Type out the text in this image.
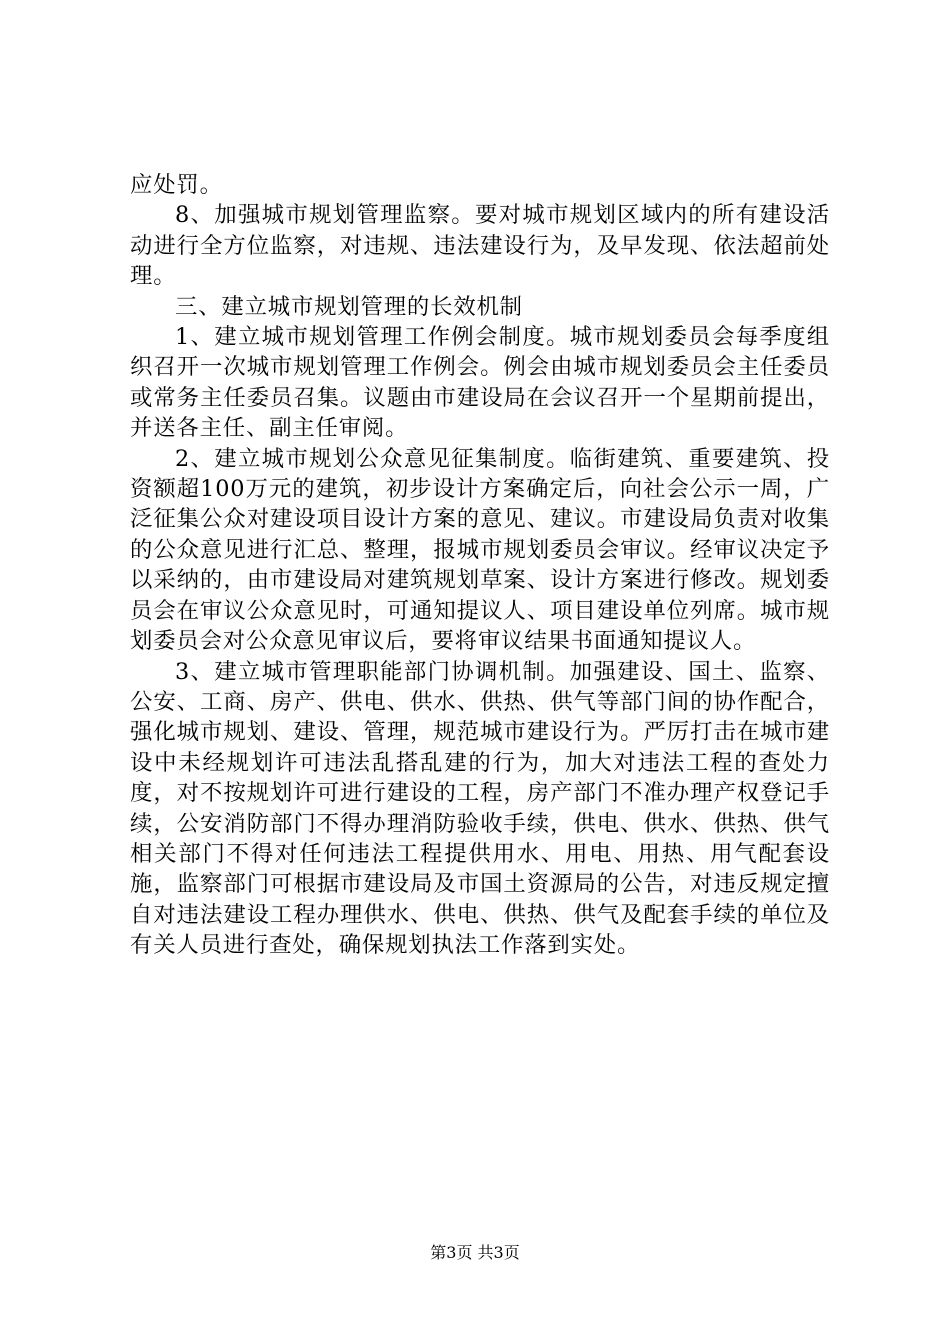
应处罚。

8、加强城市规划管理监察。要对城市规划区域内的所有建设活动进行全方位监察，对违规、违法建设行为，及早发现、依法超前处理。

三、建立城市规划管理的长效机制

1、建立城市规划管理工作例会制度。城市规划委员会每季度组织召开一次城市规划管理工作例会。例会由城市规划委员会主任委员或常务主任委员召集。议题由市建设局在会议召开一个星期前提出，并送各主任、副主任审阅。

2、建立城市规划公众意见征集制度。临街建筑、重要建筑、投资额超100万元的建筑，初步设计方案确定后，向社会公示一周，广泛征集公众对建设项目设计方案的意见、建议。市建设局负责对收集的公众意见进行汇总、整理，报城市规划委员会审议。经审议决定予以采纳的，由市建设局对建筑规划草案、设计方案进行修改。规划委员会在审议公众意见时，可通知提议人、项目建设单位列席。城市规划委员会对公众意见审议后，要将审议结果书面通知提议人。

3、建立城市管理职能部门协调机制。加强建设、国土、监察、公安、工商、房产、供电、供水、供热、供气等部门间的协作配合，强化城市规划、建设、管理，规范城市建设行为。严厉打击在城市建设中未经规划许可违法乱搭乱建的行为，加大对违法工程的查处力度，对不按规划许可进行建设的工程，房产部门不准办理产权登记手续，公安消防部门不得办理消防验收手续，供电、供水、供热、供气相关部门不得对任何违法工程提供用水、用电、用热、用气配套设施，监察部门可根据市建设局及市国土资源局的公告，对违反规定擅自对违法建设工程办理供水、供电、供热、供气及配套手续的单位及有关人员进行查处，确保规划执法工作落到实处。

第3页 共3页
